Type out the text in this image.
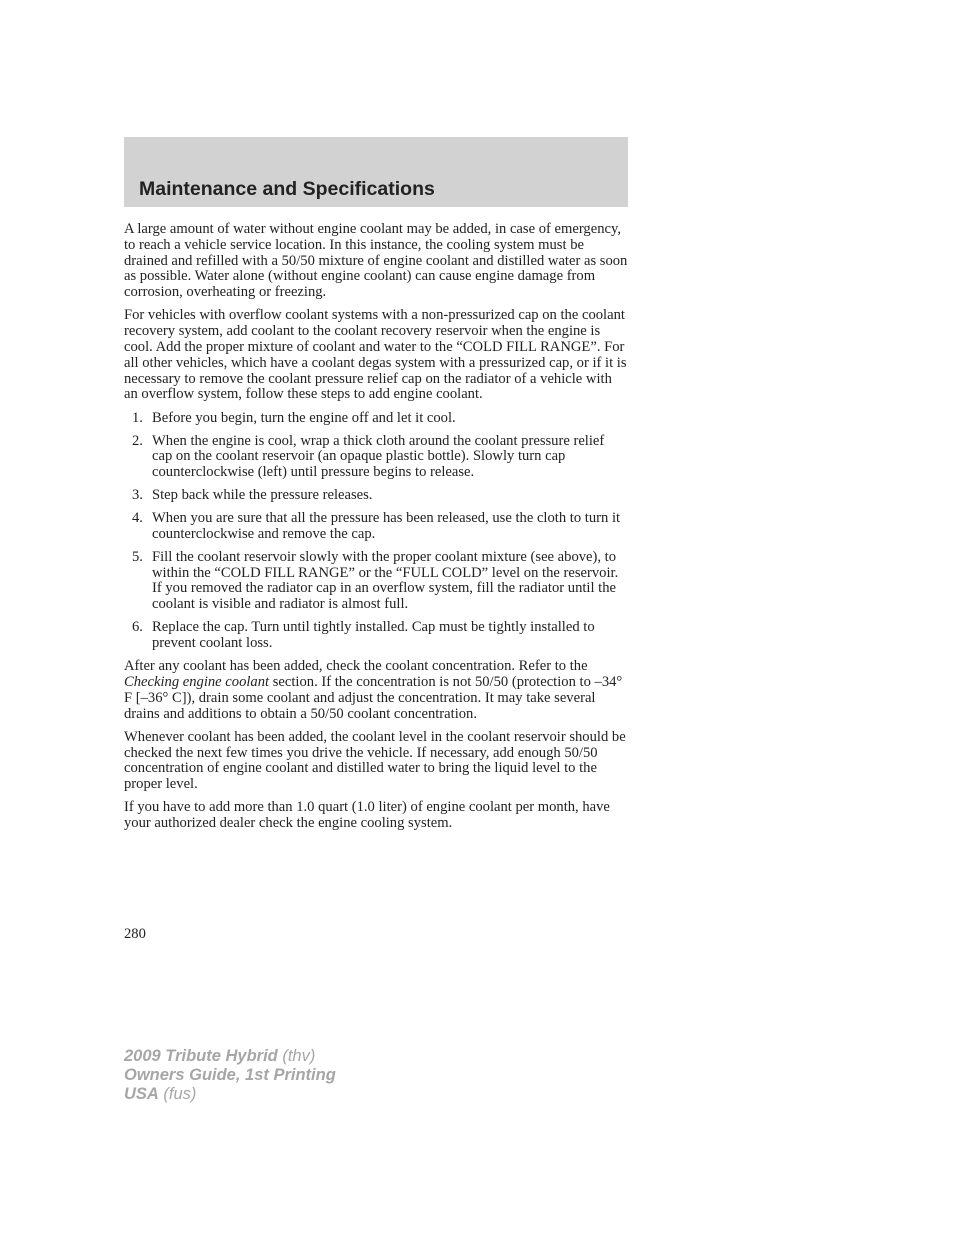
Maintenance and Specifications

A large amount of water without engine coolant may be added, in case of emergency, to reach a vehicle service location. In this instance, the cooling system must be drained and refilled with a 50/50 mixture of engine coolant and distilled water as soon as possible. Water alone (without engine coolant) can cause engine damage from corrosion, overheating or freezing.

For vehicles with overflow coolant systems with a non-pressurized cap on the coolant recovery system, add coolant to the coolant recovery reservoir when the engine is cool. Add the proper mixture of coolant and water to the “COLD FILL RANGE”. For all other vehicles, which have a coolant degas system with a pressurized cap, or if it is necessary to remove the coolant pressure relief cap on the radiator of a vehicle with an overflow system, follow these steps to add engine coolant.

1. Before you begin, turn the engine off and let it cool.
2. When the engine is cool, wrap a thick cloth around the coolant pressure relief cap on the coolant reservoir (an opaque plastic bottle). Slowly turn cap counterclockwise (left) until pressure begins to release.
3. Step back while the pressure releases.
4. When you are sure that all the pressure has been released, use the cloth to turn it counterclockwise and remove the cap.
5. Fill the coolant reservoir slowly with the proper coolant mixture (see above), to within the “COLD FILL RANGE” or the “FULL COLD” level on the reservoir. If you removed the radiator cap in an overflow system, fill the radiator until the coolant is visible and radiator is almost full.
6. Replace the cap. Turn until tightly installed. Cap must be tightly installed to prevent coolant loss.

After any coolant has been added, check the coolant concentration. Refer to the Checking engine coolant section. If the concentration is not 50/50 (protection to –34° F [–36° C]), drain some coolant and adjust the concentration. It may take several drains and additions to obtain a 50/50 coolant concentration.

Whenever coolant has been added, the coolant level in the coolant reservoir should be checked the next few times you drive the vehicle. If necessary, add enough 50/50 concentration of engine coolant and distilled water to bring the liquid level to the proper level.

If you have to add more than 1.0 quart (1.0 liter) of engine coolant per month, have your authorized dealer check the engine cooling system.

280
2009 Tribute Hybrid (thv)
Owners Guide, 1st Printing
USA (fus)
